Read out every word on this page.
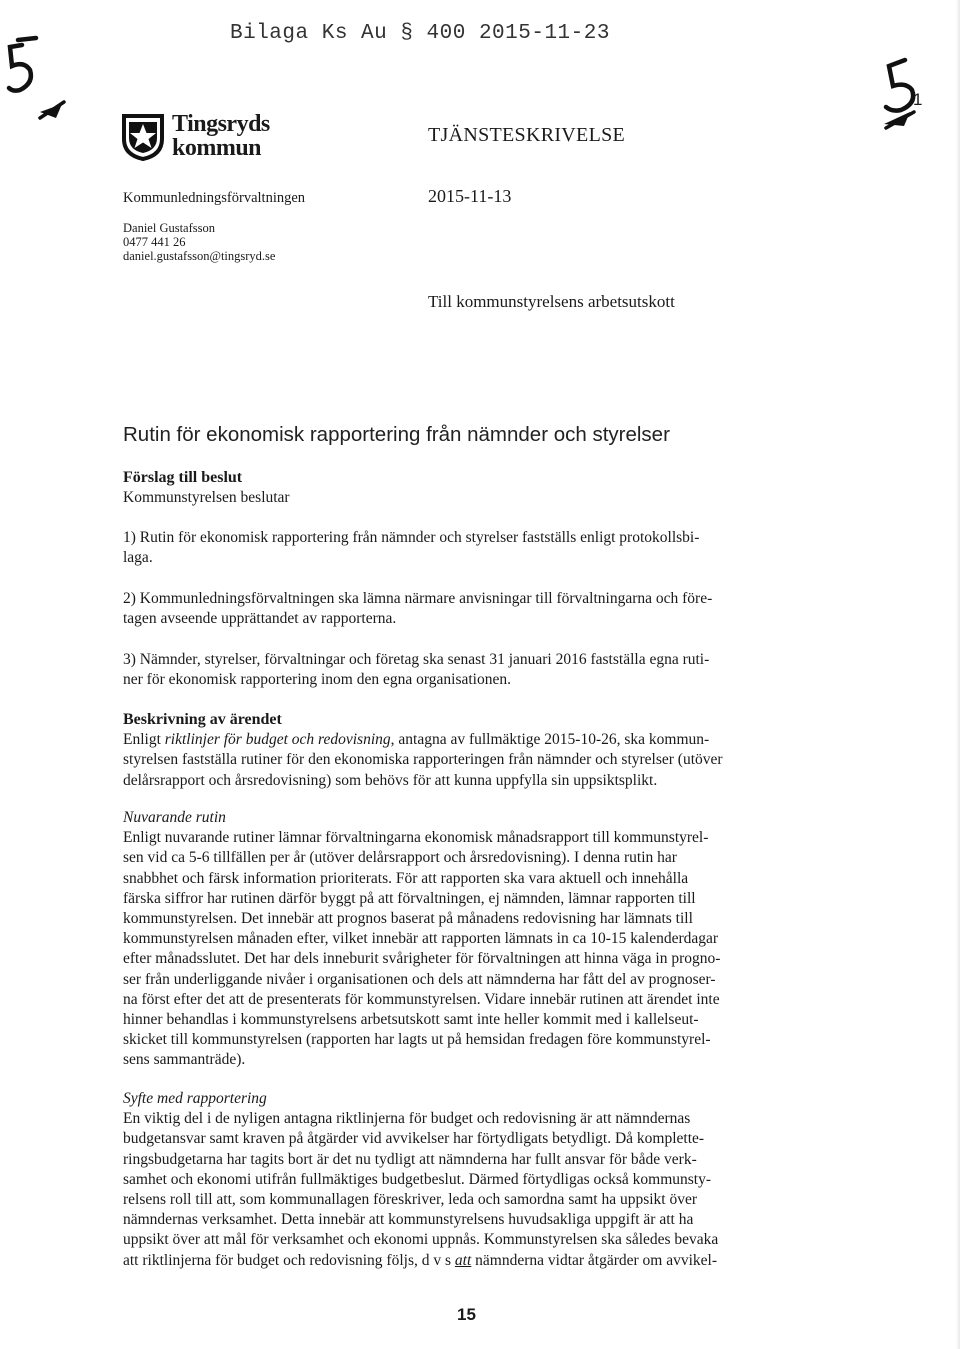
Bilaga Ks Au § 400 2015-11-23
1
Tingsryds
kommun	TJÄNSTESKRIVELSE
Kommunledningsförvaltningen	2015-11-13
Daniel Gustafsson
0477 441 26
daniel.gustafsson@tingsryd.se
Till kommunstyrelsens arbetsutskott
Rutin för ekonomisk rapportering från nämnder och styrelser

Förslag till beslut

Kommunstyrelsen beslutar

1) Rutin för ekonomisk rapportering från nämnder och styrelser fastställs enligt protokollsbi-

laga.

2) Kommunledningsförvaltningen ska lämna närmare anvisningar till förvaltningarna och före-

tagen avseende upprättandet av rapporterna.

3) Nämnder, styrelser, förvaltningar och företag ska senast 31 januari 2016 fastställa egna ruti-

ner för ekonomisk rapportering inom den egna organisationen.

Beskrivning av ärendet

Enligt riktlinjer för budget och redovisning, antagna av fullmäktige 2015-10-26, ska kommun-

styrelsen fastställa rutiner för den ekonomiska rapporteringen från nämnder och styrelser (utöver

delårsrapport och årsredovisning) som behövs för att kunna uppfylla sin uppsiktsplikt.

Nuvarande rutin

Enligt nuvarande rutiner lämnar förvaltningarna ekonomisk månadsrapport till kommunstyrel-

sen vid ca 5-6 tillfällen per år (utöver delårsrapport och årsredovisning). I denna rutin har

snabbhet och färsk information prioriterats. För att rapporten ska vara aktuell och innehålla

färska siffror har rutinen därför byggt på att förvaltningen, ej nämnden, lämnar rapporten till

kommunstyrelsen. Det innebär att prognos baserat på månadens redovisning har lämnats till

kommunstyrelsen månaden efter, vilket innebär att rapporten lämnats in ca 10-15 kalenderdagar

efter månadsslutet. Det har dels inneburit svårigheter för förvaltningen att hinna väga in progno-

ser från underliggande nivåer i organisationen och dels att nämnderna har fått del av prognoser-

na först efter det att de presenterats för kommunstyrelsen. Vidare innebär rutinen att ärendet inte

hinner behandlas i kommunstyrelsens arbetsutskott samt inte heller kommit med i kallelseut-

skicket till kommunstyrelsen (rapporten har lagts ut på hemsidan fredagen före kommunstyrel-

sens sammanträde).

Syfte med rapportering

En viktig del i de nyligen antagna riktlinjerna för budget och redovisning är att nämndernas

budgetansvar samt kraven på åtgärder vid avvikelser har förtydligats betydligt. Då komplette-

ringsbudgetarna har tagits bort är det nu tydligt att nämnderna har fullt ansvar för både verk-

samhet och ekonomi utifrån fullmäktiges budgetbeslut. Därmed förtydligas också kommunsty-

relsens roll till att, som kommunallagen föreskriver, leda och samordna samt ha uppsikt över

nämndernas verksamhet. Detta innebär att kommunstyrelsens huvudsakliga uppgift är att ha

uppsikt över att mål för verksamhet och ekonomi uppnås. Kommunstyrelsen ska således bevaka

att riktlinjerna för budget och redovisning följs, d v s att nämnderna vidtar åtgärder om avvikel-

15
